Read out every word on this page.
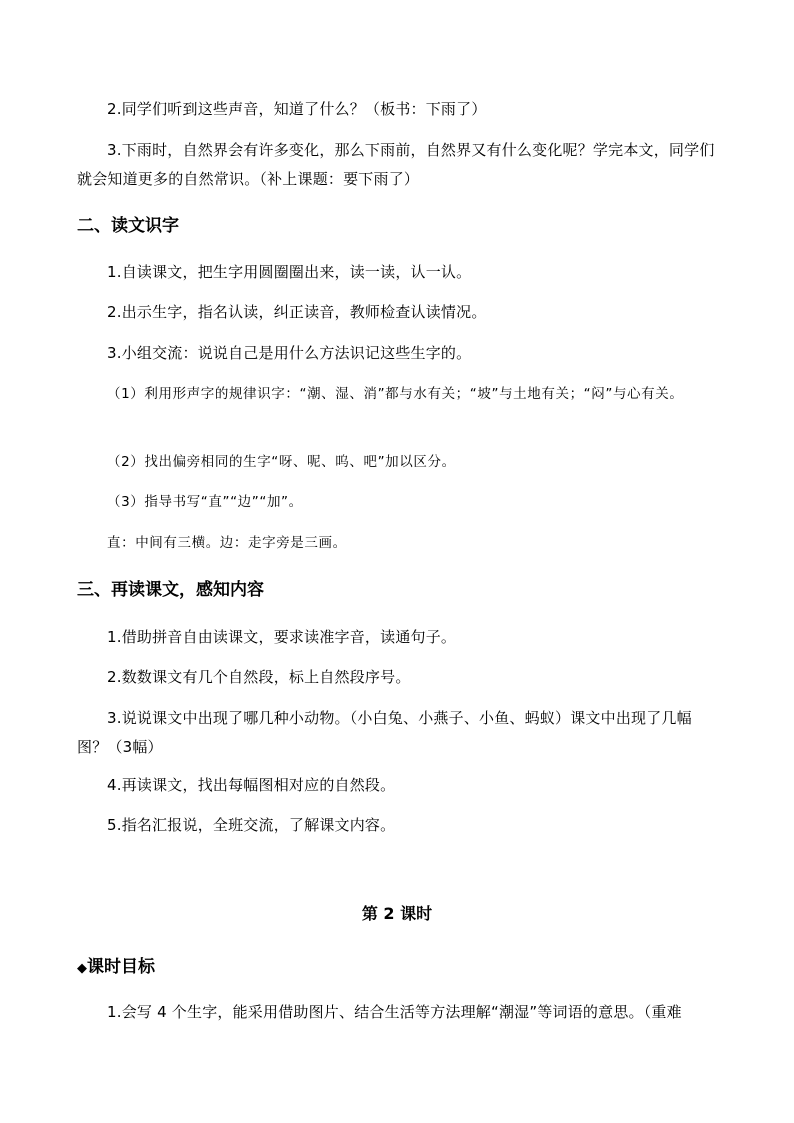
2.同学们听到这些声音，知道了什么？（板书：下雨了）

3.下雨时，自然界会有许多变化，那么下雨前，自然界又有什么变化呢？学完本文，同学们就会知道更多的自然常识。（补上课题：要下雨了）

二、读文识字

1.自读课文，把生字用圆圈圈出来，读一读，认一认。

2.出示生字，指名认读，纠正读音，教师检查认读情况。

3.小组交流：说说自己是用什么方法识记这些生字的。

（1）利用形声字的规律识字：“潮、湿、消”都与水有关；“坡”与土地有关；“闷”与心有关。

（2）找出偏旁相同的生字“呀、呢、呜、吧”加以区分。

（3）指导书写“直”“边”“加”。

直：中间有三横。边：走字旁是三画。

三、再读课文，感知内容

1.借助拼音自由读课文，要求读准字音，读通句子。

2.数数课文有几个自然段，标上自然段序号。

3.说说课文中出现了哪几种小动物。（小白兔、小燕子、小鱼、蚂蚁）课文中出现了几幅图？（3幅）

4.再读课文，找出每幅图相对应的自然段。

5.指名汇报说，全班交流，了解课文内容。

第 2 课时
◆课时目标

1.会写 4 个生字，能采用借助图片、结合生活等方法理解“潮湿”等词语的意思。（重难
